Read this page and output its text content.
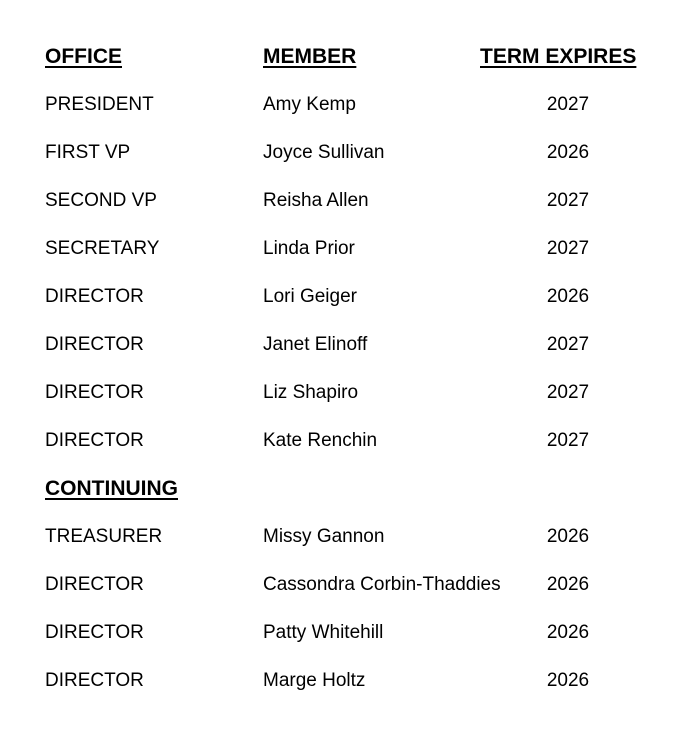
OFFICE	MEMBER	TERM EXPIRES
PRESIDENT	Amy Kemp	2027
FIRST VP	Joyce Sullivan	2026
SECOND VP	Reisha Allen	2027
SECRETARY	Linda Prior	2027
DIRECTOR	Lori Geiger	2026
DIRECTOR	Janet Elinoff	2027
DIRECTOR	Liz Shapiro	2027
DIRECTOR	Kate Renchin	2027
CONTINUING
TREASURER	Missy Gannon	2026
DIRECTOR	Cassondra Corbin-Thaddies	2026
DIRECTOR	Patty Whitehill	2026
DIRECTOR	Marge Holtz	2026
